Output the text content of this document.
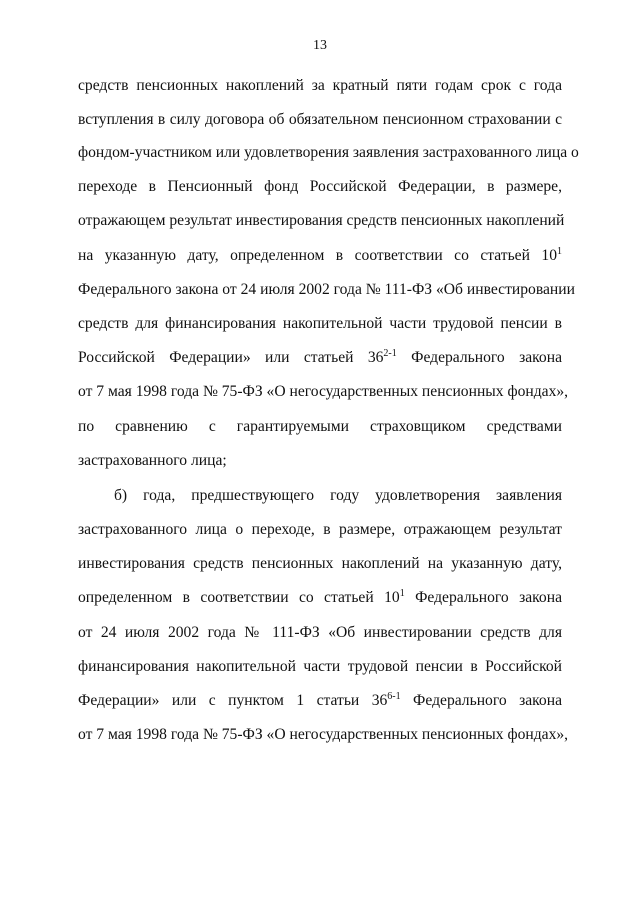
13
средств пенсионных накоплений за кратный пяти годам срок с года
вступления в силу договора об обязательном пенсионном страховании с
фондом-участником или удовлетворения заявления застрахованного лица о
переходе в Пенсионный фонд Российской Федерации, в размере,
отражающем результат инвестирования средств пенсионных накоплений
на указанную дату, определенном в соответствии со статьей $10^1$
Федерального закона от 24 июля 2002 года № 111-ФЗ «Об инвестировании
средств для финансирования накопительной части трудовой пенсии в
Российской Федерации» или статьей 36$^{2-1}$ Федерального закона
от 7 мая 1998 года № 75-ФЗ «О негосударственных пенсионных фондах»,
по сравнению с гарантируемыми страховщиком средствами
застрахованного лица;
б) года, предшествующего году удовлетворения заявления
застрахованного лица о переходе, в размере, отражающем результат
инвестирования средств пенсионных накоплений на указанную дату,
определенном в соответствии со статьей $10^1$ Федерального закона
от 24 июля 2002 года № 111-ФЗ «Об инвестировании средств для
финансирования накопительной части трудовой пенсии в Российской
Федерации» или с пунктом 1 статьи 36$^{6-1}$ Федерального закона
от 7 мая 1998 года № 75-ФЗ «О негосударственных пенсионных фондах»,
